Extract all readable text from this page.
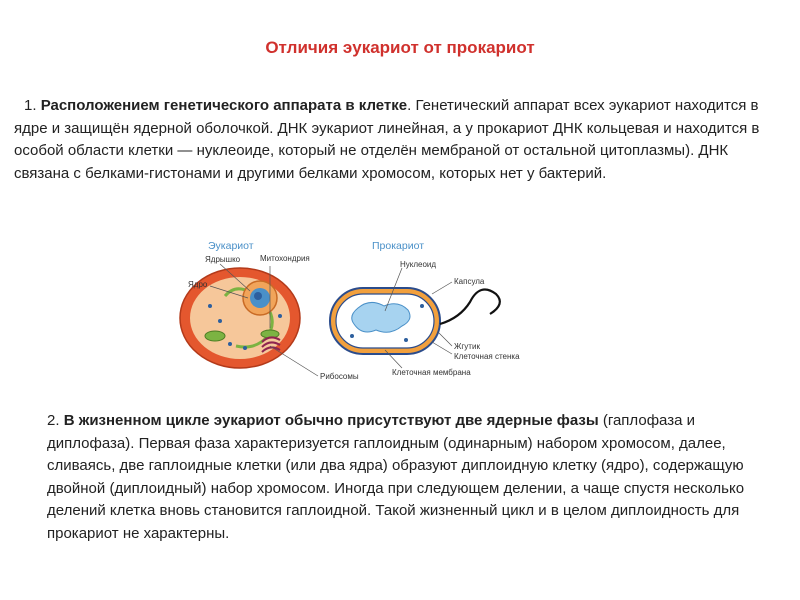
Отличия эукариот от прокариот
1. Расположением генетического аппарата в клетке. Генетический аппарат всех эукариот находится в ядре и защищён ядерной оболочкой. ДНК эукариот линейная, а у прокариот ДНК кольцевая и находится в особой области клетки — нуклеоиде, который не отделён мембраной от остальной цитоплазмы). ДНК связана с белками-гистонами и другими белками хромосом, которых нет у бактерий.
Эукариот	Прокариот
Ядрышко Митохондрия
Ядро
Рибосомы
Нуклеоид
Капсула
Жгутик
Клеточная стенка
Клеточная мембрана
2. В жизненном цикле эукариот обычно присутствуют две ядерные фазы (гаплофаза и диплофаза). Первая фаза характеризуется гаплоидным (одинарным) набором хромосом, далее, сливаясь, две гаплоидные клетки (или два ядра) образуют диплоидную клетку (ядро), содержащую двойной (диплоидный) набор хромосом. Иногда при следующем делении, а чаще спустя несколько делений клетка вновь становится гаплоидной. Такой жизненный цикл и в целом диплоидность для прокариот не характерны.
